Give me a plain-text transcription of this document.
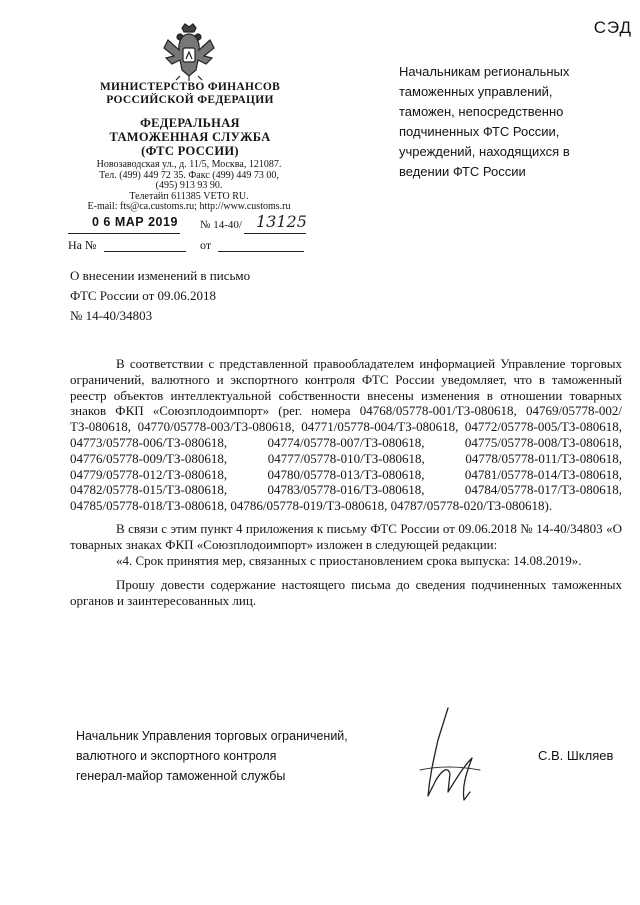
СЭД
МИНИСТЕРСТВО ФИНАНСОВ
РОССИЙСКОЙ ФЕДЕРАЦИИ
ФЕДЕРАЛЬНАЯ
ТАМОЖЕННАЯ СЛУЖБА
(ФТС РОССИИ)
Новозаводская ул., д. 11/5, Москва, 121087.
Тел. (499) 449 72 35. Факс (499) 449 73 00,
(495) 913 93 90.
Телетайп 611385 VETO RU.
E-mail: fts@ca.customs.ru; http://www.customs.ru
0 6 МАР 2019 № 14-40/ 13125
На №	от
Начальникам региональных
таможенных управлений,
таможен, непосредственно
подчиненных ФТС России,
учреждений, находящихся в
ведении ФТС России
О внесении изменений в письмо
ФТС России от 09.06.2018
№ 14-40/34803

В соответствии с представленной правообладателем информацией Управление торговых ограничений, валютного и экспортного контроля ФТС России уведомляет, что в таможенный реестр объектов интеллектуальной собственности внесены изменения в отношении товарных знаков ФКП «Союзплодоимпорт» (рег. номера 04768/05778-001/ТЗ-080618, 04769/05778-002/ТЗ-080618, 04770/05778-003/ТЗ-080618, 04771/05778-004/ТЗ-080618, 04772/05778-005/ТЗ-080618, 04773/05778-006/ТЗ-080618, 04774/05778-007/ТЗ-080618, 04775/05778-008/ТЗ-080618, 04776/05778-009/ТЗ-080618, 04777/05778-010/ТЗ-080618, 04778/05778-011/ТЗ-080618, 04779/05778-012/ТЗ-080618, 04780/05778-013/ТЗ-080618, 04781/05778-014/ТЗ-080618, 04782/05778-015/ТЗ-080618, 04783/05778-016/ТЗ-080618, 04784/05778-017/ТЗ-080618, 04785/05778-018/ТЗ-080618, 04786/05778-019/ТЗ-080618, 04787/05778-020/ТЗ-080618).

В связи с этим пункт 4 приложения к письму ФТС России от 09.06.2018 № 14-40/34803 «О товарных знаках ФКП «Союзплодоимпорт» изложен в следующей редакции:

«4. Срок принятия мер, связанных с приостановлением срока выпуска: 14.08.2019».

Прошу довести содержание настоящего письма до сведения подчиненных таможенных органов и заинтересованных лиц.

Начальник Управления торговых ограничений,
валютного и экспортного контроля
генерал-майор таможенной службы
С.В. Шкляев
